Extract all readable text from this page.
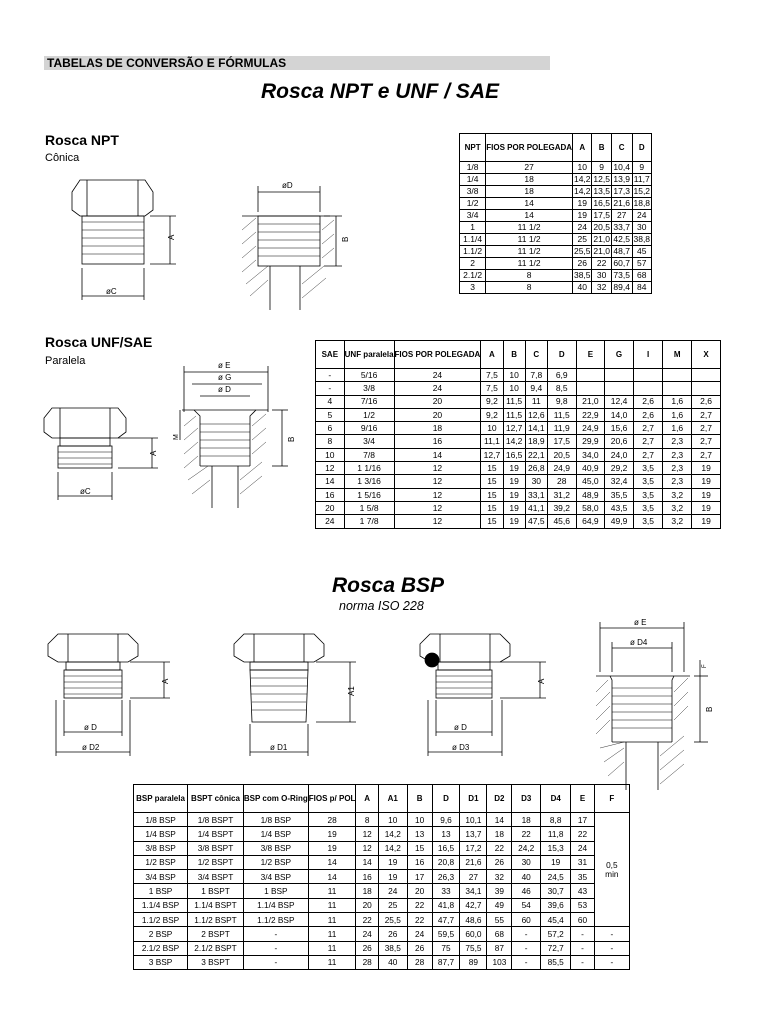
TABELAS DE CONVERSÃO E FÓRMULAS
Rosca NPT e UNF / SAE
Rosca NPT
Cônica
A
øC
øD
B
NPT	FIOS POR POLEGADA	A	B	C	D
1/8	27	10	9	10,4	9
1/4	18	14,2	12,5	13,9	11,7
3/8	18	14,2	13,5	17,3	15,2
1/2	14	19	16,5	21,6	18,8
3/4	14	19	17,5	27	24
1	11 1/2	24	20,5	33,7	30
1.1/4	11 1/2	25	21,0	42,5	38,8
1.1/2	11 1/2	25,5	21,0	48,7	45
2	11 1/2	26	22	60,7	57
2.1/2	8	38,5	30	73,5	68
3	8	40	32	89,4	84
Rosca UNF/SAE
Paralela
A
øC
ø E
ø G
ø D
B
M
SAE	UNF paralela	FIOS POR POLEGADA	A	B	C	D	E	G	I	M	X
-	5/16	24	7,5	10	7,8	6,9					
-	3/8	24	7,5	10	9,4	8,5					
4	7/16	20	9,2	11,5	11	9,8	21,0	12,4	2,6	1,6	2,6
5	1/2	20	9,2	11,5	12,6	11,5	22,9	14,0	2,6	1,6	2,7
6	9/16	18	10	12,7	14,1	11,9	24,9	15,6	2,7	1,6	2,7
8	3/4	16	11,1	14,2	18,9	17,5	29,9	20,6	2,7	2,3	2,7
10	7/8	14	12,7	16,5	22,1	20,5	34,0	24,0	2,7	2,3	2,7
12	1 1/16	12	15	19	26,8	24,9	40,9	29,2	3,5	2,3	19
14	1 3/16	12	15	19	30	28	45,0	32,4	3,5	2,3	19
16	1 5/16	12	15	19	33,1	31,2	48,9	35,5	3,5	3,2	19
20	1 5/8	12	15	19	41,1	39,2	58,0	43,5	3,5	3,2	19
24	1 7/8	12	15	19	47,5	45,6	64,9	49,9	3,5	3,2	19
Rosca BSP
norma ISO 228
A
ø D
ø D2
A1
ø D1
A
ø D
ø D3
ø E
ø D4
B
F
BSP paralela	BSPT cônica	BSP com O-Ring	FIOS p/ POL	A	A1	B	D	D1	D2	D3	D4	E	F
1/8 BSP	1/8 BSPT	1/8 BSP	28	8	10	10	9,6	10,1	14	18	8,8	17	0,5 min
1/4 BSP	1/4 BSPT	1/4 BSP	19	12	14,2	13	13	13,7	18	22	11,8	22	
3/8 BSP	3/8 BSPT	3/8 BSP	19	12	14,2	15	16,5	17,2	22	24,2	15,3	24	
1/2 BSP	1/2 BSPT	1/2 BSP	14	14	19	16	20,8	21,6	26	30	19	31	
3/4 BSP	3/4 BSPT	3/4 BSP	14	16	19	17	26,3	27	32	40	24,5	35	
1 BSP	1 BSPT	1 BSP	11	18	24	20	33	34,1	39	46	30,7	43	
1.1/4 BSP	1.1/4 BSPT	1.1/4 BSP	11	20	25	22	41,8	42,7	49	54	39,6	53	
1.1/2 BSP	1.1/2 BSPT	1.1/2 BSP	11	22	25,5	22	47,7	48,6	55	60	45,4	60	
2 BSP	2 BSPT	-	11	24	26	24	59,5	60,0	68	-	57,2	-	-
2.1/2 BSP	2.1/2 BSPT	-	11	26	38,5	26	75	75,5	87	-	72,7	-	-
3 BSP	3 BSPT	-	11	28	40	28	87,7	89	103	-	85,5	-	-
